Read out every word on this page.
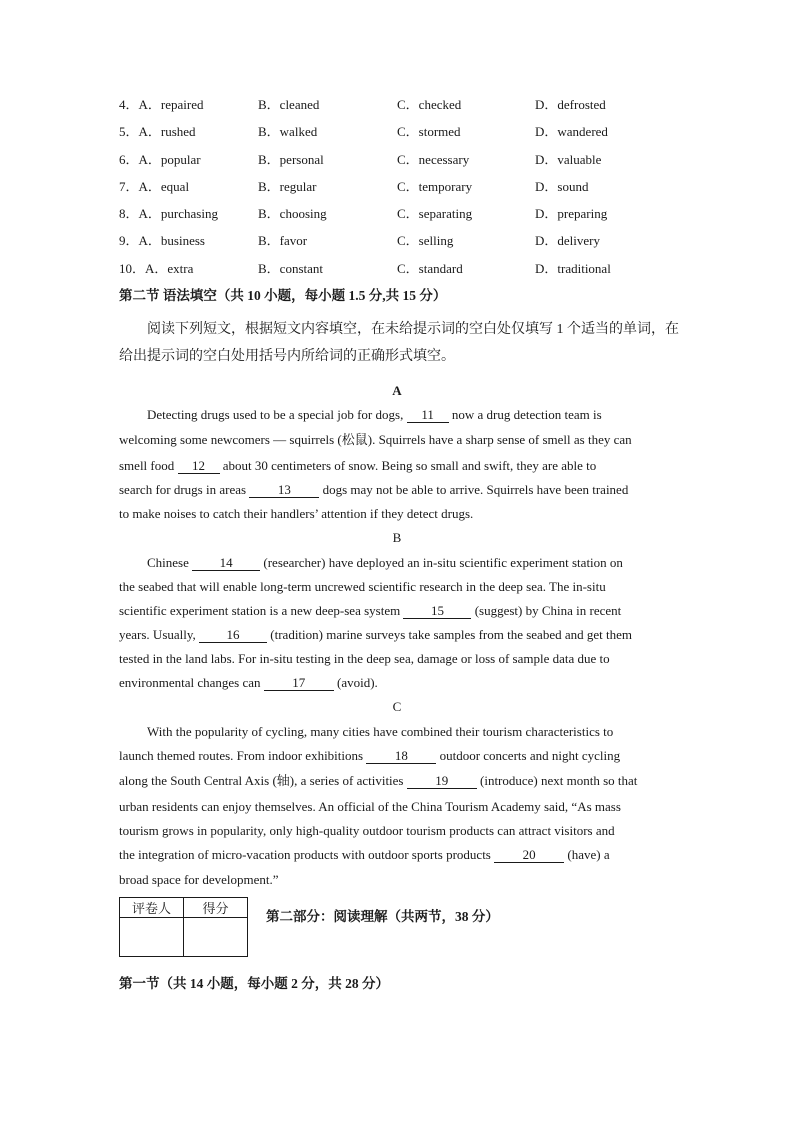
4．A．repaired	B．cleaned	C．checked	D．defrosted
5．A．rushed	B．walked	C．stormed	D．wandered
6．A．popular	B．personal	C．necessary	D．valuable
7．A．equal	B．regular	C．temporary	D．sound
8．A．purchasing	B．choosing	C．separating	D．preparing
9．A．business	B．favor	C．selling	D．delivery
10．A．extra	B．constant	C．standard	D．traditional
第二节 语法填空（共 10 小题，每小题 1.5 分,共 15 分）
阅读下列短文，根据短文内容填空，在未给提示词的空白处仅填写 1 个适当的单词，在
给出提示词的空白处用括号内所给词的正确形式填空。
A
Detecting drugs used to be a special job for dogs, 11 now a drug detection team is
welcoming some newcomers — squirrels (松鼠). Squirrels have a sharp sense of smell as they can
smell food 12 about 30 centimeters of snow. Being so small and swift, they are able to
search for drugs in areas 13 dogs may not be able to arrive. Squirrels have been trained
to make noises to catch their handlers’ attention if they detect drugs.
B
Chinese 14 (researcher) have deployed an in-situ scientific experiment station on
the seabed that will enable long-term uncrewed scientific research in the deep sea. The in-situ
scientific experiment station is a new deep-sea system 15 (suggest) by China in recent
years. Usually, 16 (tradition) marine surveys take samples from the seabed and get them
tested in the land labs. For in-situ testing in the deep sea, damage or loss of sample data due to
environmental changes can 17 (avoid).
C
With the popularity of cycling, many cities have combined their tourism characteristics to
launch themed routes. From indoor exhibitions 18 outdoor concerts and night cycling
along the South Central Axis (轴), a series of activities 19 (introduce) next month so that
urban residents can enjoy themselves. An official of the China Tourism Academy said, “As mass
tourism grows in popularity, only high-quality outdoor tourism products can attract visitors and
the integration of micro-vacation products with outdoor sports products 20 (have) a
broad space for development.”
评卷人	得分
		第二部分：阅读理解（共两节，38 分）
第一节（共 14 小题，每小题 2 分，共 28 分）
